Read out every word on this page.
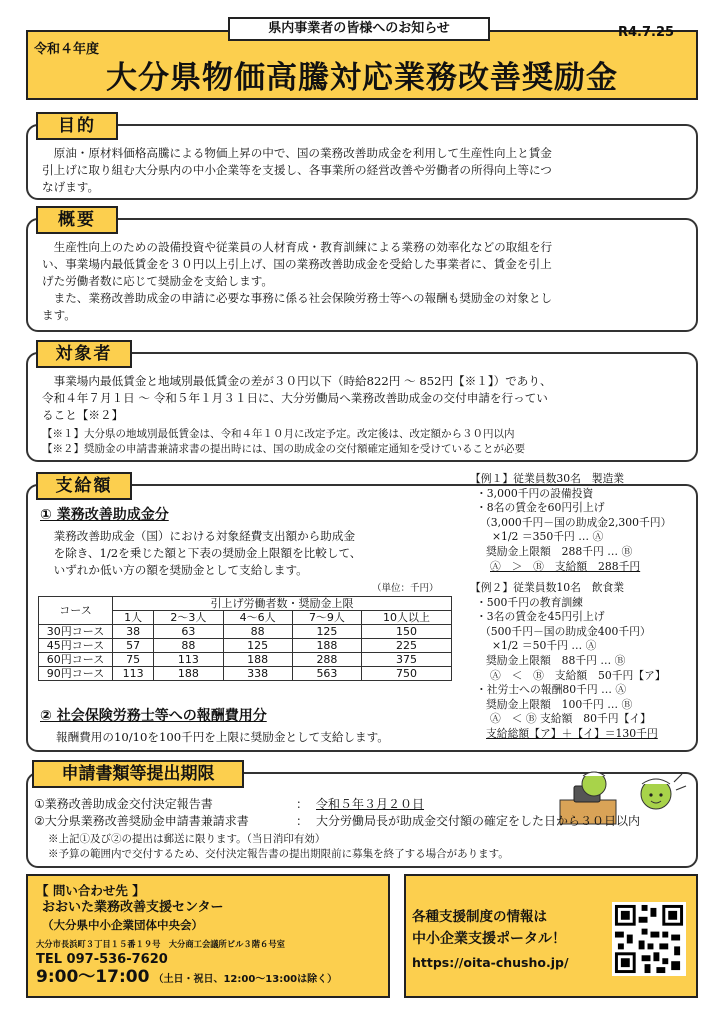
県内事業者の皆様へのお知らせ
令和４年度
R4.7.25
大分県物価高騰対応業務改善奨励金
目的
原油・原材料価格高騰による物価上昇の中で、国の業務改善助成金を利用して生産性向上と賃金
引上げに取り組む大分県内の中小企業等を支援し、各事業所の経営改善や労働者の所得向上等につ
なげます。
概要
生産性向上のための設備投資や従業員の人材育成・教育訓練による業務の効率化などの取組を行
い、事業場内最低賃金を３０円以上引上げ、国の業務改善助成金を受給した事業者に、賃金を引上
げた労働者数に応じて奨励金を支給します。
また、業務改善助成金の申請に必要な事務に係る社会保険労務士等への報酬も奨励金の対象とし
ます。
対象者
事業場内最低賃金と地域別最低賃金の差が３０円以下（時給822円 ～ 852円【※１】）であり、
令和４年７月１日 ～ 令和５年１月３１日に、大分労働局へ業務改善助成金の交付申請を行ってい
ること【※２】
【※１】大分県の地域別最低賃金は、令和４年１０月に改定予定。改定後は、改定額から３０円以内
【※２】奨励金の申請書兼請求書の提出時には、国の助成金の交付額確定通知を受けていることが必要
支給額
① 業務改善助成金分
業務改善助成金（国）における対象経費支出額から助成金
を除き、1/2を乗じた額と下表の奨励金上限額を比較して、
いずれか低い方の額を奨励金として支給します。
（単位：千円）
コース	引上げ労働者数・奨励金上限				
	1人	2～3人	4～6人	7～9人	10人以上
30円コース	38	63	88	125	150
45円コース	57	88	125	188	225
60円コース	75	113	188	288	375
90円コース	113	188	338	563	750
② 社会保険労務士等への報酬費用分
報酬費用の10/10を100千円を上限に奨励金として支給します。
【例１】従業員数30名　製造業
・3,000千円の設備投資
・8名の賃金を60円引上げ
（3,000千円－国の助成金2,300千円）
×1/2 ＝350千円 … Ⓐ
奨励金上限額　288千円 … Ⓑ
Ⓐ　＞　Ⓑ　支給額　288千円
【例２】従業員数10名　飲食業
・500千円の教育訓練
・3名の賃金を45円引上げ
（500千円－国の助成金400千円）
×1/2 ＝50千円 … Ⓐ
奨励金上限額　88千円 … Ⓑ
Ⓐ　＜　Ⓑ　支給額　50千円【ア】
・社労士への報酬80千円 … Ⓐ
奨励金上限額　100千円 … Ⓑ
Ⓐ　＜ Ⓑ 支給額　80千円【イ】
支給総額【ア】＋【イ】＝130千円
申請書類等提出期限
①業務改善助成金交付決定報告書	： 令和５年３月２０日
②大分県業務改善奨励金申請書兼請求書	： 大分労働局長が助成金交付額の確定をした日から３０日以内
※上記①及び②の提出は郵送に限ります。（当日消印有効）
※予算の範囲内で交付するため、交付決定報告書の提出期限前に募集を終了する場合があります。
【 問い合わせ先 】
おおいた業務改善支援センター
（大分県中小企業団体中央会）
大分市長浜町３丁目１５番１９号　大分商工会議所ビル３階６号室
TEL 097-536-7620
9:00～17:00 （土日・祝日、12:00～13:00は除く）
各種支援制度の情報は
中小企業支援ポータル！
https://oita-chusho.jp/
